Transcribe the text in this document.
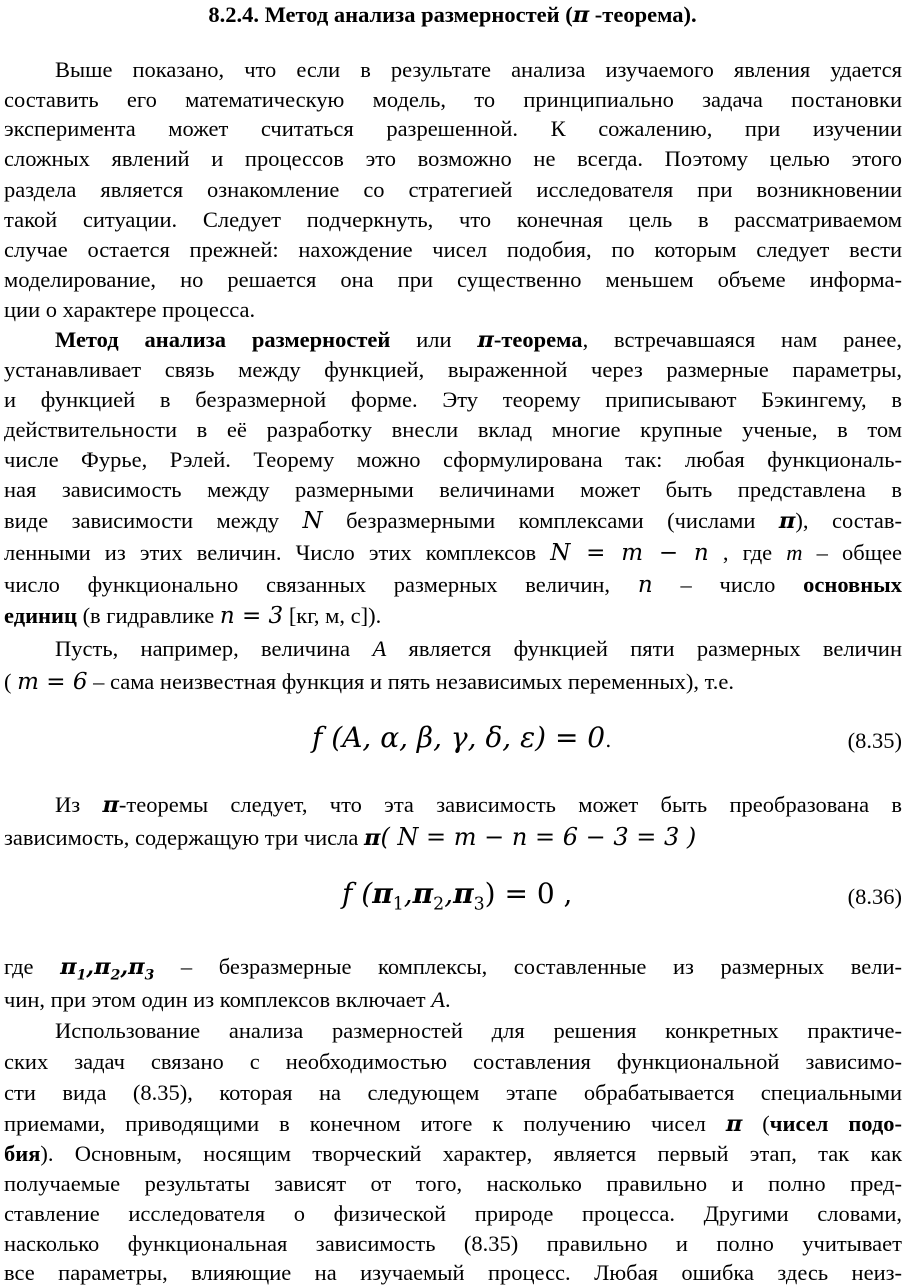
8.2.4. Метод анализа размерностей (π -теорема).
Выше показано, что если в результате анализа изучаемого явления удается
составить его математическую модель, то принципиально задача постановки
эксперимента может считаться разрешенной. К сожалению, при изучении
сложных явлений и процессов это возможно не всегда. Поэтому целью этого
раздела является ознакомление со стратегией исследователя при возникновении
такой ситуации. Следует подчеркнуть, что конечная цель в рассматриваемом
случае остается прежней: нахождение чисел подобия, по которым следует вести
моделирование, но решается она при существенно меньшем объеме информа-
ции о характере процесса.
Метод анализа размерностей или π-теорема, встречавшаяся нам ранее,
устанавливает связь между функцией, выраженной через размерные параметры,
и функцией в безразмерной форме. Эту теорему приписывают Бэкингему, в
действительности в её разработку внесли вклад многие крупные ученые, в том
числе Фурье, Рэлей. Теорему можно сформулирована так: любая функциональ-
ная зависимость между размерными величинами может быть представлена в
виде зависимости между N безразмерными комплексами (числами π), состав-
ленными из этих величин. Число этих комплексов N = m − n , где m – общее
число функционально связанных размерных величин, n – число основных
единиц (в гидравлике n = 3 [кг, м, с]).
Пусть, например, величина A является функцией пяти размерных величин
( m = 6 – сама неизвестная функция и пять независимых переменных), т.е.
f (A, α, β, γ, δ, ε) = 0.	(8.35)
Из π-теоремы следует, что эта зависимость может быть преобразована в
зависимость, содержащую три числа π( N = m − n = 6 − 3 = 3 )
f $(\pi_1,\pi_2,\pi_3) = 0$ ,	(8.36)
где $\pi_1,\pi_2,\pi_3$ – безразмерные комплексы, составленные из размерных вели-
чин, при этом один из комплексов включает A.
Использование анализа размерностей для решения конкретных практиче-
ских задач связано с необходимостью составления функциональной зависимо-
сти вида (8.35), которая на следующем этапе обрабатывается специальными
приемами, приводящими в конечном итоге к получению чисел π (чисел подо-
бия). Основным, носящим творческий характер, является первый этап, так как
получаемые результаты зависят от того, насколько правильно и полно пред-
ставление исследователя о физической природе процесса. Другими словами,
насколько функциональная зависимость (8.35) правильно и полно учитывает
все параметры, влияющие на изучаемый процесс. Любая ошибка здесь неиз-
